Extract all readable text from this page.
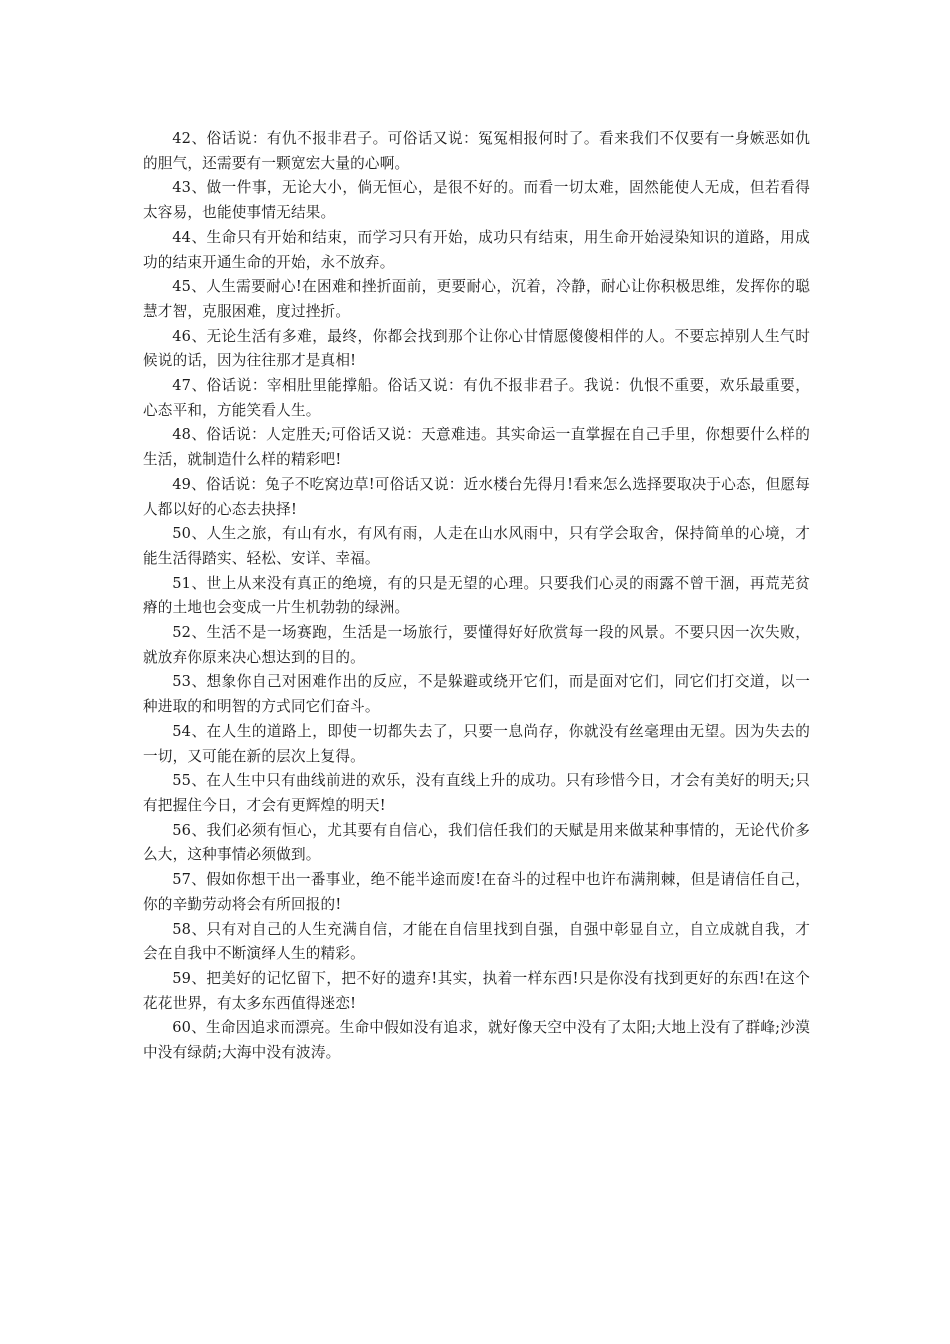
42、俗话说：有仇不报非君子。可俗话又说：冤冤相报何时了。看来我们不仅要有一身嫉恶如仇的胆气，还需要有一颗宽宏大量的心啊。

43、做一件事，无论大小，倘无恒心，是很不好的。而看一切太难，固然能使人无成，但若看得太容易，也能使事情无结果。

44、生命只有开始和结束，而学习只有开始，成功只有结束，用生命开始浸染知识的道路，用成功的结束开通生命的开始，永不放弃。

45、人生需要耐心!在困难和挫折面前，更要耐心，沉着，冷静，耐心让你积极思维，发挥你的聪慧才智，克服困难，度过挫折。

46、无论生活有多难，最终，你都会找到那个让你心甘情愿傻傻相伴的人。不要忘掉别人生气时候说的话，因为往往那才是真相!

47、俗话说：宰相肚里能撑船。俗话又说：有仇不报非君子。我说：仇恨不重要，欢乐最重要，心态平和，方能笑看人生。

48、俗话说：人定胜天;可俗话又说：天意难违。其实命运一直掌握在自己手里，你想要什么样的生活，就制造什么样的精彩吧!

49、俗话说：兔子不吃窝边草!可俗话又说：近水楼台先得月!看来怎么选择要取决于心态，但愿每人都以好的心态去抉择!

50、人生之旅，有山有水，有风有雨，人走在山水风雨中，只有学会取舍，保持简单的心境，才能生活得踏实、轻松、安详、幸福。

51、世上从来没有真正的绝境，有的只是无望的心理。只要我们心灵的雨露不曾干涸，再荒芜贫瘠的土地也会变成一片生机勃勃的绿洲。

52、生活不是一场赛跑，生活是一场旅行，要懂得好好欣赏每一段的风景。不要只因一次失败，就放弃你原来决心想达到的目的。

53、想象你自己对困难作出的反应，不是躲避或绕开它们，而是面对它们，同它们打交道，以一种进取的和明智的方式同它们奋斗。

54、在人生的道路上，即使一切都失去了，只要一息尚存，你就没有丝毫理由无望。因为失去的一切，又可能在新的层次上复得。

55、在人生中只有曲线前进的欢乐，没有直线上升的成功。只有珍惜今日，才会有美好的明天;只有把握住今日，才会有更辉煌的明天!

56、我们必须有恒心，尤其要有自信心，我们信任我们的天赋是用来做某种事情的，无论代价多么大，这种事情必须做到。

57、假如你想干出一番事业，绝不能半途而废!在奋斗的过程中也许布满荆棘，但是请信任自己，你的辛勤劳动将会有所回报的!

58、只有对自己的人生充满自信，才能在自信里找到自强，自强中彰显自立，自立成就自我，才会在自我中不断演绎人生的精彩。

59、把美好的记忆留下，把不好的遗弃!其实，执着一样东西!只是你没有找到更好的东西!在这个花花世界，有太多东西值得迷恋!

60、生命因追求而漂亮。生命中假如没有追求，就好像天空中没有了太阳;大地上没有了群峰;沙漠中没有绿荫;大海中没有波涛。
